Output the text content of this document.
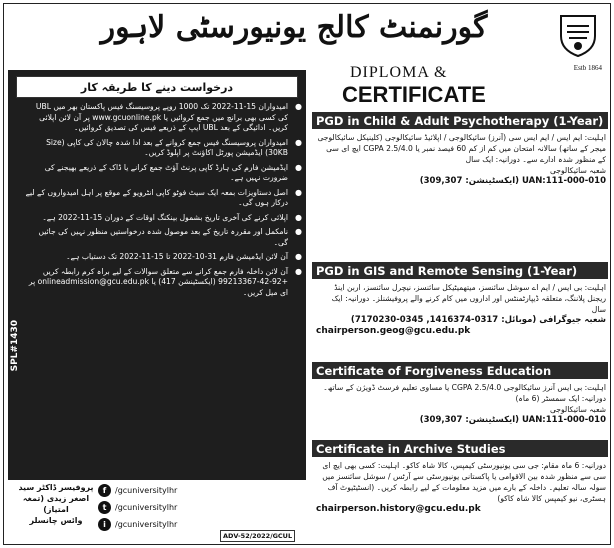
گورنمنٹ کالج یونیورسٹی لاہور
Estb 1864
درخواست دینے کا طریقہ کار
SPL#1430
●
امیدواران 15-11-2022 تک 1000 روپے پروسیسنگ فیس پاکستان بھر میں UBL کی کسی بھی برانچ میں جمع کروائیں یا www.gcuonline.pk پر آن لائن اپلائی کریں۔ ادائیگی کے بعد UBL ایپ کے ذریعے فیس کی تصدیق کروائیں۔
●
امیدواران پروسیسنگ فیس جمع کروانے کے بعد ادا شدہ چالان کی کاپی (Size 30KB) ایڈمیشن پورٹل اکاؤنٹ پر اپلوڈ کریں۔
●
ایڈمیشن فارم کی ہارڈ کاپی پرنٹ آؤٹ جمع کرانے یا ڈاک کے ذریعے بھیجنے کی ضرورت نہیں ہے۔
●
اصل دستاویزات بمعہ ایک سیٹ فوٹو کاپی انٹرویو کے موقع پر اہل امیدواروں کے لیے درکار ہوں گی۔
●
اپلائی کرنے کی آخری تاریخ بشمول بینکنگ اوقات کے دوران 15-11-2022 ہے۔
●
نامکمل اور مقررہ تاریخ کے بعد موصول شدہ درخواستیں منظور نہیں کی جائیں گی۔
●
آن لائن ایڈمیشن فارم 31-10-2022 تا 15-11-2022 تک دستیاب ہے۔
●
آن لائن داخلہ فارم جمع کرانے سے متعلق سوالات کے لیے براہ کرم رابطہ کریں +92-42-99213367 (ایکسٹینشن 417) یا onlineadmission@gcu.edu.pk پر ای میل کریں۔
پروفیسر ڈاکٹر سید
اصغر زیدی (تمغہ امتیاز)
وائس چانسلر
f	/gcuniversitylhr
t	/gcuniversitylhr
i	/gcuniversitylhr
ADV-52/2022/GCUL
DIPLOMA &
CERTIFICATE
PGD in Child & Adult Psychotherapy (1-Year)
اہلیت: ایم ایس / ایم ایس سی (آنرز) سائیکالوجی / اپلائیڈ سائیکالوجی (کلینیکل سائیکالوجی میجر کے ساتھ) سالانہ امتحان میں کم از کم 60 فیصد نمبر یا 2.5/4.0 CGPA ایچ ای سی کے منظور شدہ ادارے سے۔ دورانیہ: ایک سال
شعبہ سائیکالوجی
UAN:111-000-010 (ایکسٹینشن: 309,307)
PGD in GIS and Remote Sensing (1-Year)
اہلیت: بی ایس / ایم اے سوشل سائنسز، میتھمیٹیکل سائنسز، نیچرل سائنسز، اربن اینڈ ریجنل پلاننگ، متعلقہ ڈیپارٹمنٹس اور اداروں میں کام کرنے والے پروفیشنلز۔ دورانیہ: ایک سال
شعبہ جیوگرافی (موبائل: 0317-1416374, 0345-7170230)
chairperson.geog@gcu.edu.pk
Certificate of Forgiveness Education
اہلیت: بی ایس آنرز سائیکالوجی 2.5/4.0 CGPA یا مساوی تعلیم فرسٹ ڈویژن کے ساتھ۔ دورانیہ: ایک سمسٹر (6 ماہ)
شعبہ سائیکالوجی
UAN:111-000-010 (ایکسٹینشن: 309,307)
Certificate in Archive Studies
دورانیہ: 6 ماہ مقام: جی سی یونیورسٹی کیمپس، کالا شاہ کاکو۔ اہلیت: کسی بھی ایچ ای سی سے منظور شدہ بین الاقوامی یا پاکستانی یونیورسٹی سے آرٹس / سوشل سائنسز میں سولہ سالہ تعلیم۔ داخلہ کے بارے میں مزید معلومات کے لیے رابطہ کریں۔ (انسٹیٹیوٹ آف ہسٹری، نیو کیمپس کالا شاہ کاکو)
chairperson.history@gcu.edu.pk
